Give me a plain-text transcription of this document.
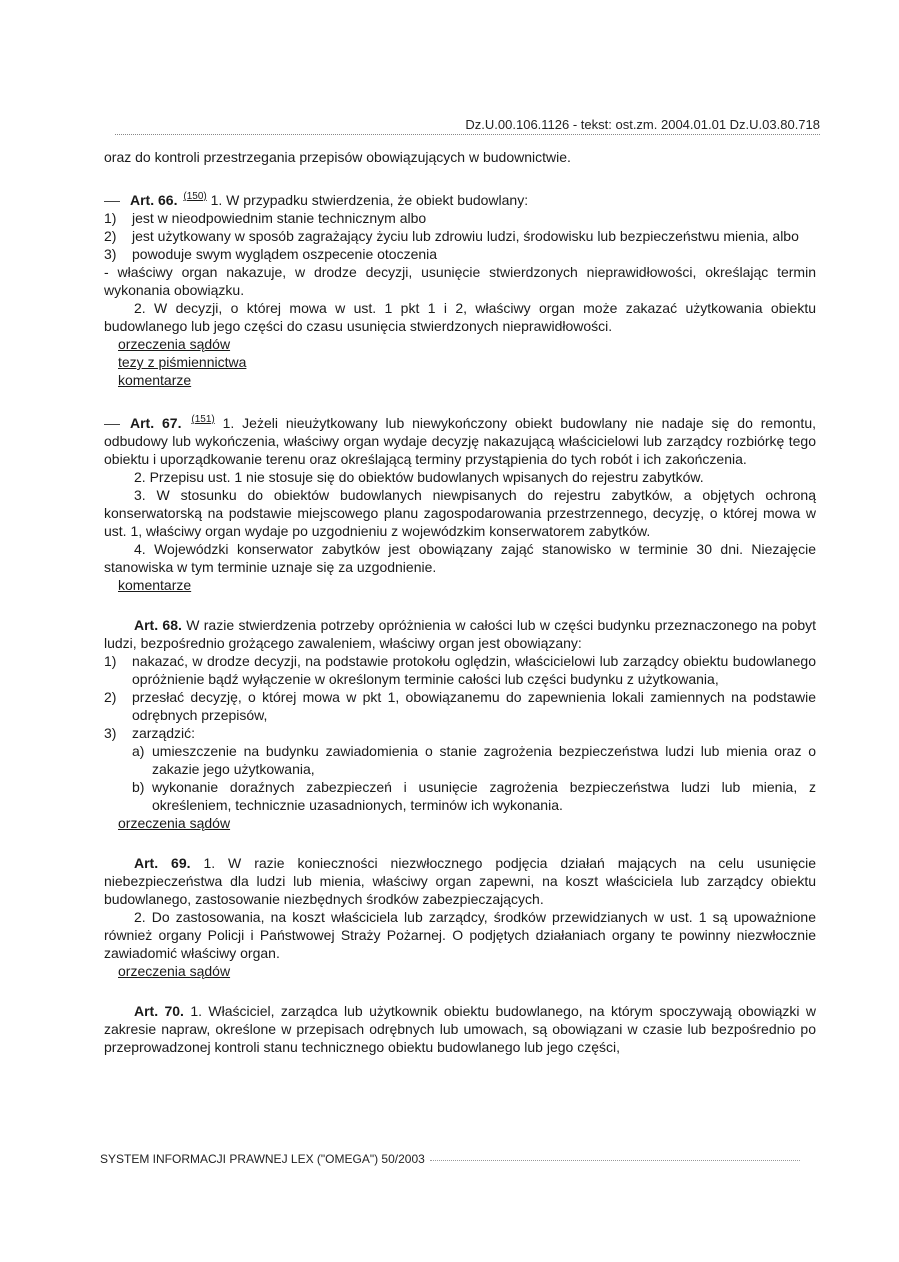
Dz.U.00.106.1126 - tekst: ost.zm. 2004.01.01 Dz.U.03.80.718

oraz do kontroli przestrzegania przepisów obowiązujących w budownictwie.

Art. 66. $^{(150)}$ 1. W przypadku stwierdzenia, że obiekt budowlany:

1)	jest w nieodpowiednim stanie technicznym albo
2)	jest użytkowany w sposób zagrażający życiu lub zdrowiu ludzi, środowisku lub bezpieczeństwu mienia, albo
3)	powoduje swym wyglądem oszpecenie otoczenia

- właściwy organ nakazuje, w drodze decyzji, usunięcie stwierdzonych nieprawidłowości, określając termin wykonania obowiązku.

2. W decyzji, o której mowa w ust. 1 pkt 1 i 2, właściwy organ może zakazać użytkowania obiektu budowlanego lub jego części do czasu usunięcia stwierdzonych nieprawidłowości.

orzeczenia sądów
tezy z piśmiennictwa
komentarze

Art. 67. $^{(151)}$ 1. Jeżeli nieużytkowany lub niewykończony obiekt budowlany nie nadaje się do remontu, odbudowy lub wykończenia, właściwy organ wydaje decyzję nakazującą właścicielowi lub zarządcy rozbiórkę tego obiektu i uporządkowanie terenu oraz określającą terminy przystąpienia do tych robót i ich zakończenia.

2. Przepisu ust. 1 nie stosuje się do obiektów budowlanych wpisanych do rejestru zabytków.

3. W stosunku do obiektów budowlanych niewpisanych do rejestru zabytków, a objętych ochroną konserwatorską na podstawie miejscowego planu zagospodarowania przestrzennego, decyzję, o której mowa w ust. 1, właściwy organ wydaje po uzgodnieniu z wojewódzkim konserwatorem zabytków.

4. Wojewódzki konserwator zabytków jest obowiązany zająć stanowisko w terminie 30 dni. Niezajęcie stanowiska w tym terminie uznaje się za uzgodnienie.

komentarze

Art. 68. W razie stwierdzenia potrzeby opróżnienia w całości lub w części budynku przeznaczonego na pobyt ludzi, bezpośrednio grożącego zawaleniem, właściwy organ jest obowiązany:

1)	nakazać, w drodze decyzji, na podstawie protokołu oględzin, właścicielowi lub zarządcy obiektu budowlanego opróżnienie bądź wyłączenie w określonym terminie całości lub części budynku z użytkowania,
2)	przesłać decyzję, o której mowa w pkt 1, obowiązanemu do zapewnienia lokali zamiennych na podstawie odrębnych przepisów,
3)	zarządzić:
a) umieszczenie na budynku zawiadomienia o stanie zagrożenia bezpieczeństwa ludzi lub mienia oraz o zakazie jego użytkowania,
b) wykonanie doraźnych zabezpieczeń i usunięcie zagrożenia bezpieczeństwa ludzi lub mienia, z określeniem, technicznie uzasadnionych, terminów ich wykonania.
orzeczenia sądów

Art. 69. 1. W razie konieczności niezwłocznego podjęcia działań mających na celu usunięcie niebezpieczeństwa dla ludzi lub mienia, właściwy organ zapewni, na koszt właściciela lub zarządcy obiektu budowlanego, zastosowanie niezbędnych środków zabezpieczających.

2. Do zastosowania, na koszt właściciela lub zarządcy, środków przewidzianych w ust. 1 są upoważnione również organy Policji i Państwowej Straży Pożarnej. O podjętych działaniach organy te powinny niezwłocznie zawiadomić właściwy organ.

orzeczenia sądów

Art. 70. 1. Właściciel, zarządca lub użytkownik obiektu budowlanego, na którym spoczywają obowiązki w zakresie napraw, określone w przepisach odrębnych lub umowach, są obowiązani w czasie lub bezpośrednio po przeprowadzonej kontroli stanu technicznego obiektu budowlanego lub jego części,

SYSTEM INFORMACJI PRAWNEJ LEX ("OMEGA") 50/2003
